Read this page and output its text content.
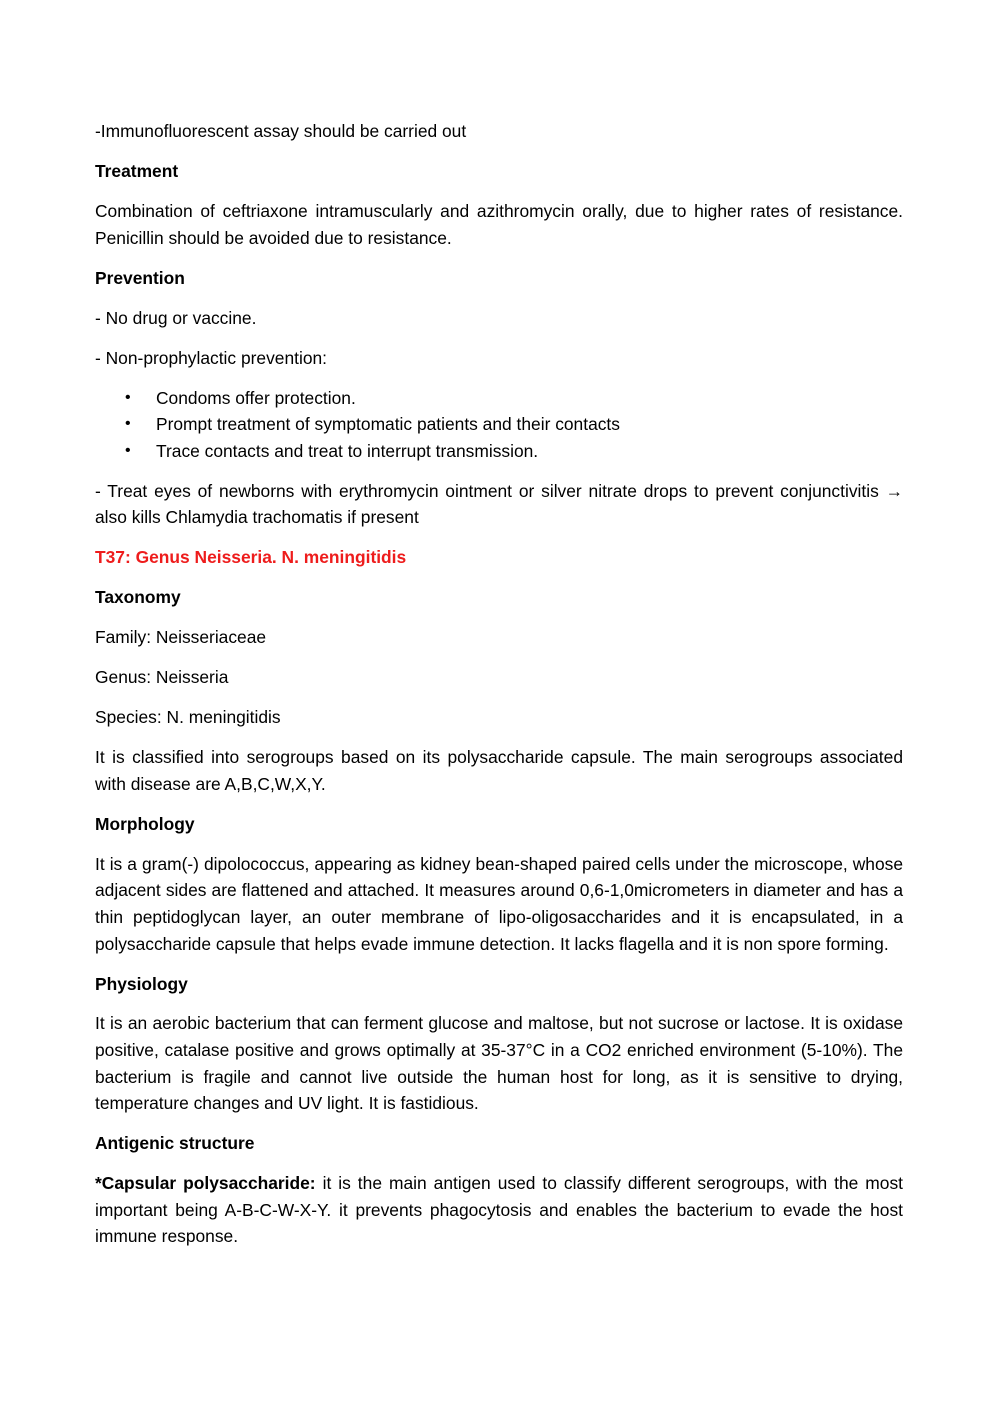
-Immunofluorescent assay should be carried out

Treatment

Combination of ceftriaxone intramuscularly and azithromycin orally, due to higher rates of resistance. Penicillin should be avoided due to resistance.

Prevention

- No drug or vaccine.

- Non-prophylactic prevention:

• Condoms offer protection.
• Prompt treatment of symptomatic patients and their contacts
• Trace contacts and treat to interrupt transmission.

- Treat eyes of newborns with erythromycin ointment or silver nitrate drops to prevent conjunctivitis → also kills Chlamydia trachomatis if present

T37: Genus Neisseria. N. meningitidis

Taxonomy

Family: Neisseriaceae

Genus: Neisseria

Species: N. meningitidis

It is classified into serogroups based on its polysaccharide capsule. The main serogroups associated with disease are A,B,C,W,X,Y.

Morphology

It is a gram(-) dipolococcus, appearing as kidney bean-shaped paired cells under the microscope, whose adjacent sides are flattened and attached. It measures around 0,6-1,0micrometers in diameter and has a thin peptidoglycan layer, an outer membrane of lipo-oligosaccharides and it is encapsulated, in a polysaccharide capsule that helps evade immune detection. It lacks flagella and it is non spore forming.

Physiology

It is an aerobic bacterium that can ferment glucose and maltose, but not sucrose or lactose. It is oxidase positive, catalase positive and grows optimally at 35-37°C in a CO2 enriched environment (5-10%). The bacterium is fragile and cannot live outside the human host for long, as it is sensitive to drying, temperature changes and UV light. It is fastidious.

Antigenic structure

*Capsular polysaccharide: it is the main antigen used to classify different serogroups, with the most important being A-B-C-W-X-Y. it prevents phagocytosis and enables the bacterium to evade the host immune response.
